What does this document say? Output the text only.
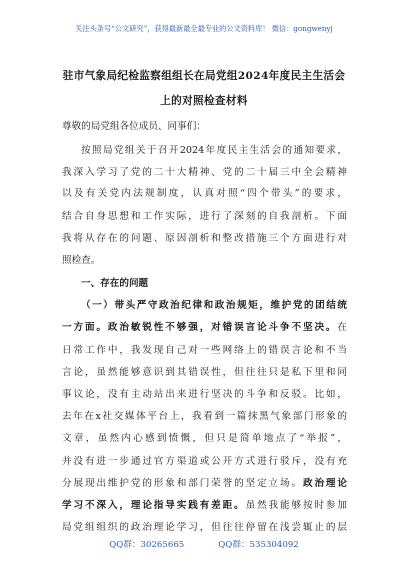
关注头条号“公文研究”，获得最新最全最专业的公文资料库！ 微信：gongwenyj
驻市气象局纪检监察组组长在局党组2024年度民主生活会
上的对照检查材料
尊敬的局党组各位成员、同事们：
按照局党组关于召开2024年度民主生活会的通知要求，
我深入学习了党的二十大精神、党的二十届三中全会精神
以及有关党内法规制度，认真对照“四个带头”的要求，
结合自身思想和工作实际，进行了深刻的自我剖析。下面
我将从存在的问题、原因剖析和整改措施三个方面进行对
照检查。
一、存在的问题
（一）带头严守政治纪律和政治规矩，维护党的团结统
一方面。政治敏锐性不够强，对错误言论斗争不坚决。在
日常工作中，我发现自己对一些网络上的错误言论和不当
言论，虽然能够意识到其错误性，但往往只是私下里和同
事议论，没有主动站出来进行坚决的斗争和反驳。比如，
去年在x社交媒体平台上，我看到一篇抹黑气象部门形象的
文章，虽然内心感到愤慨，但只是简单地点了“举报”，
并没有进一步通过官方渠道或公开方式进行驳斥，没有充
分展现出维护党的形象和部门荣誉的坚定立场。政治理论
学习不深入，理论指导实践有差距。虽然我能够按时参加
局党组组织的政治理论学习，但往往停留在浅尝辄止的层
QQ群：30265665	QQ群：535304092
